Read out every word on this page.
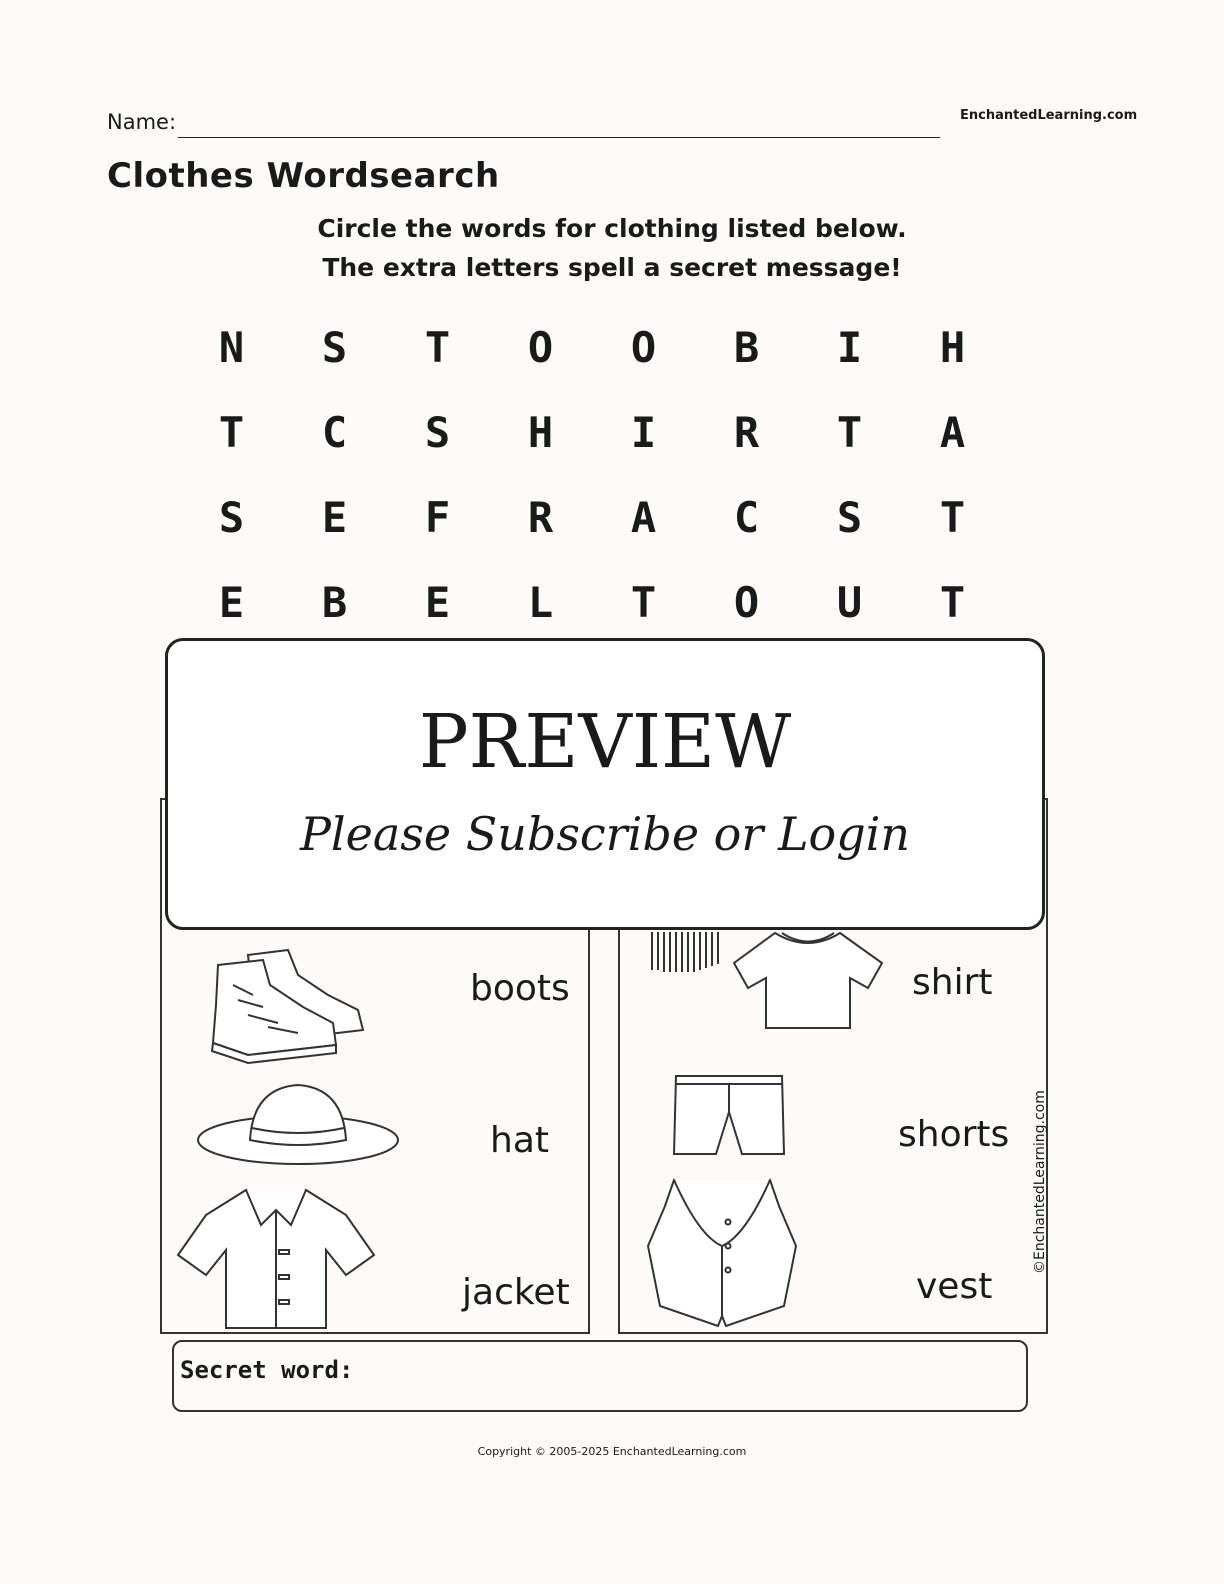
Name:	EnchantedLearning.com
Clothes Wordsearch
Circle the words for clothing listed below.
The extra letters spell a secret message!
N	S	T	O	O	B	I	H
T	C	S	H	I	R	T	A
S	E	F	R	A	C	S	T
E	B	E	L	T	O	U	T
boots
hat
jacket
shirt
shorts
vest
©EnchantedLearning.com
PREVIEW
Please Subscribe or Login
Secret word:
Copyright © 2005-2025 EnchantedLearning.com
